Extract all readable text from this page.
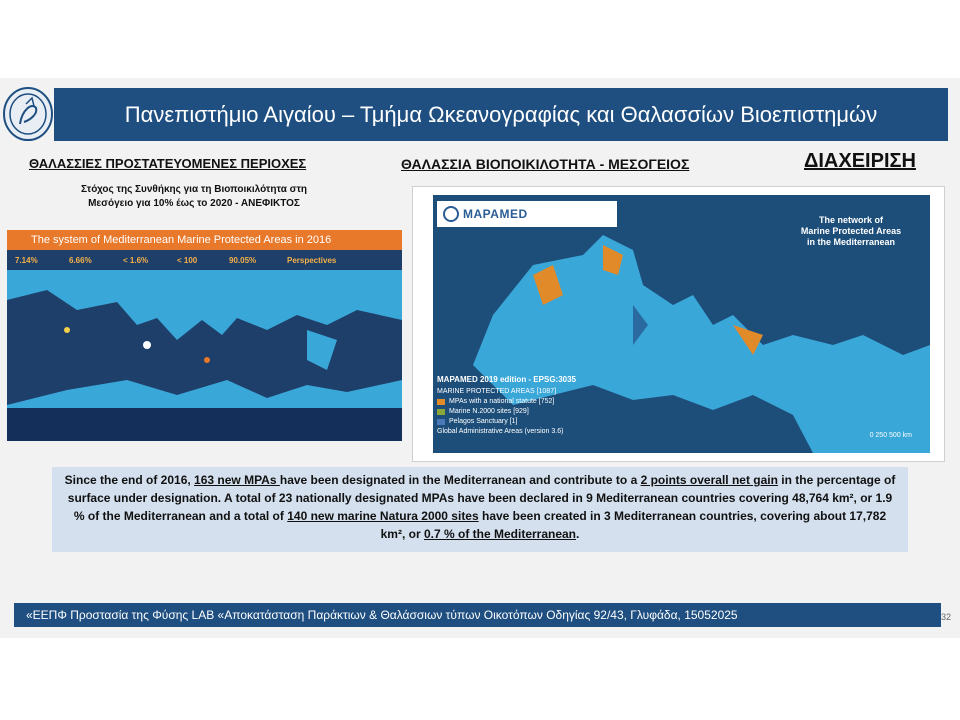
Πανεπιστήμιο Αιγαίου – Τμήμα Ωκεανογραφίας και Θαλασσίων Βιοεπιστημών
ΘΑΛΑΣΣΙΕΣ ΠΡΟΣΤΑΤΕΥΟΜΕΝΕΣ ΠΕΡΙΟΧΕΣ	ΘΑΛΑΣΣΙΑ ΒΙΟΠΟΙΚΙΛΟΤΗΤΑ - ΜΕΣΟΓΕΙΟΣ	ΔΙΑΧΕΙΡΙΣΗ
Στόχος της Συνθήκης για τη Βιοποικιλότητα στη
Μεσόγειο για 10% έως το 2020 - ΑΝΕΦΙΚΤΟΣ
The system of Mediterranean Marine Protected Areas in 2016
7.14%	6.66%	< 1.6%	< 100	90.05%	Perspectives
MAPAMED	The network of
Marine Protected Areas
in the Mediterranean
MAPAMED 2019 edition - EPSG:3035
MARINE PROTECTED AREAS [1087]
MPAs with a national statute [752]
Marine N.2000 sites [929]
Pelagos Sanctuary [1]
Global Administrative Areas (version 3.6)
0 250 500 km
Since the end of 2016, 163 new MPAs have been designated in the Mediterranean and contribute to a 2 points overall net gain in the percentage of surface under designation. A total of 23 nationally designated MPAs have been declared in 9 Mediterranean countries covering 48,764 km², or 1.9 % of the Mediterranean and a total of 140 new marine Natura 2000 sites have been created in 3 Mediterranean countries, covering about 17,782 km², or 0.7 % of the Mediterranean.
«ΕΕΠΦ Προστασία της Φύσης LAB «Αποκατάσταση Παράκτιων & Θαλάσσιων τύπων Οικοτόπων Οδηγίας 92/43, Γλυφάδα, 15052025	32
